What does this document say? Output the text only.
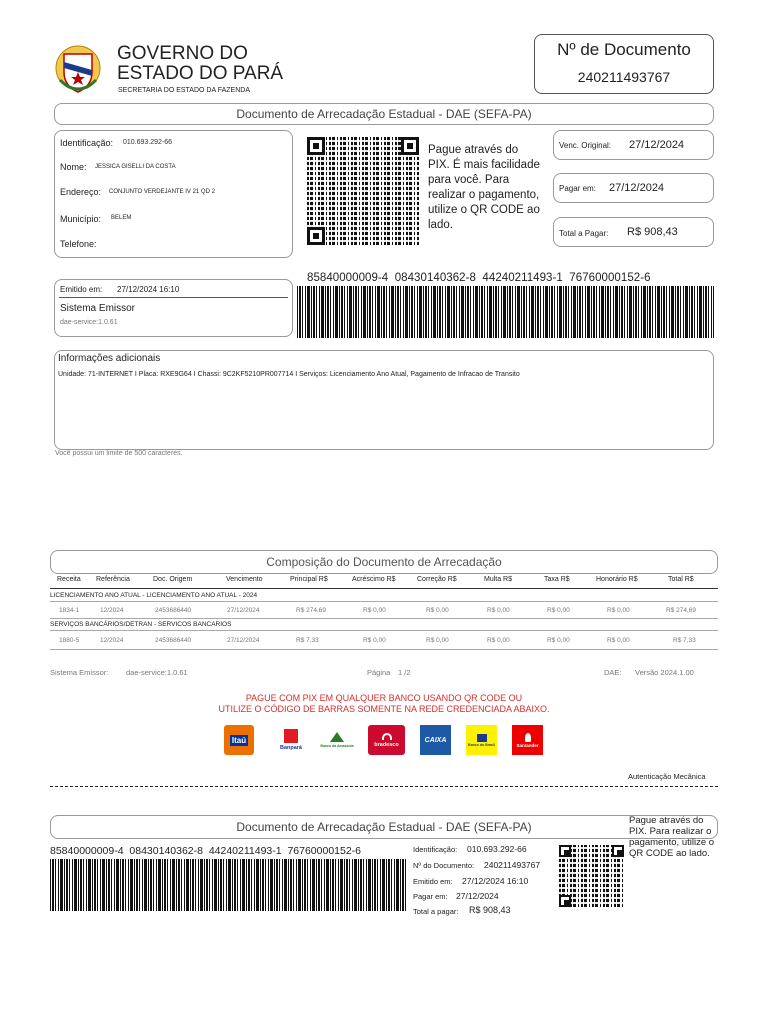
GOVERNO DO
ESTADO DO PARÁ
SECRETARIA DO ESTADO DA FAZENDA
Nº de Documento
240211493767
Documento de Arrecadação Estadual - DAE (SEFA-PA)
Identificação: 010.693.292-66
Nome: JESSICA GISELLI DA COSTA
Endereço: CONJUNTO VERDEJANTE IV 21 QD 2
Município: BELEM
Telefone:
Pague através do PIX. É mais facilidade para você. Para realizar o pagamento, utilize o QR CODE ao lado.
Venc. Original: 27/12/2024
Pagar em: 27/12/2024
Total a Pagar: R$ 908,43
Emitido em: 27/12/2024 16:10
Sistema Emissor
dae-service:1.0.61
85840000009-4  08430140362-8  44240211493-1  76760000152-6
Informações adicionais
Unidade: 71-INTERNET I Placa: RXE9G64 I Chassi: 9C2KF5210PR007714 I Serviços: Licenciamento Ano Atual, Pagamento de Infracao de Transito
Você possui um limite de 500 caracteres.
Composição do Documento de Arrecadação
Receita Referência	Doc. Origem	Vencimento	Principal R$	Acréscimo R$	Correção R$	Multa R$	Taxa R$	Honorário R$	Total R$
LICENCIAMENTO ANO ATUAL - LICENCIAMENTO ANO ATUAL - 2024
1834-1	12/2024	2453686440	27/12/2024	R$ 274,69	R$ 0,00	R$ 0,00	R$ 0,00	R$ 0,00	R$ 0,00	R$ 274,69
SERVIÇOS BANCÁRIOS/DETRAN - SERVICOS BANCARIOS
1880-5	12/2024	2453686440	27/12/2024	R$ 7,33	R$ 0,00	R$ 0,00	R$ 0,00	R$ 0,00	R$ 0,00	R$ 7,33
Sistema Emissor: dae-service:1.0.61	Página 1 /2	DAE: Versão 2024.1.00
PAGUE COM PIX EM QUALQUER BANCO USANDO QR CODE OU
UTILIZE O CÓDIGO DE BARRAS SOMENTE NA REDE CREDENCIADA ABAIXO.
Itaú
Banpará	Banco da Amazônia	bradesco
CAIXA
Banco do Brasil	Santander
Autenticação Mecânica
Documento de Arrecadação Estadual - DAE (SEFA-PA)
85840000009-4  08430140362-8  44240211493-1  76760000152-6	Identificação: 010.693.292-66
Nº do Documento: 240211493767
Emitido em: 27/12/2024 16:10
Pagar em: 27/12/2024
Total a pagar: R$ 908,43
Pague através do PIX. Para realizar o pagamento, utilize o QR CODE ao lado.
